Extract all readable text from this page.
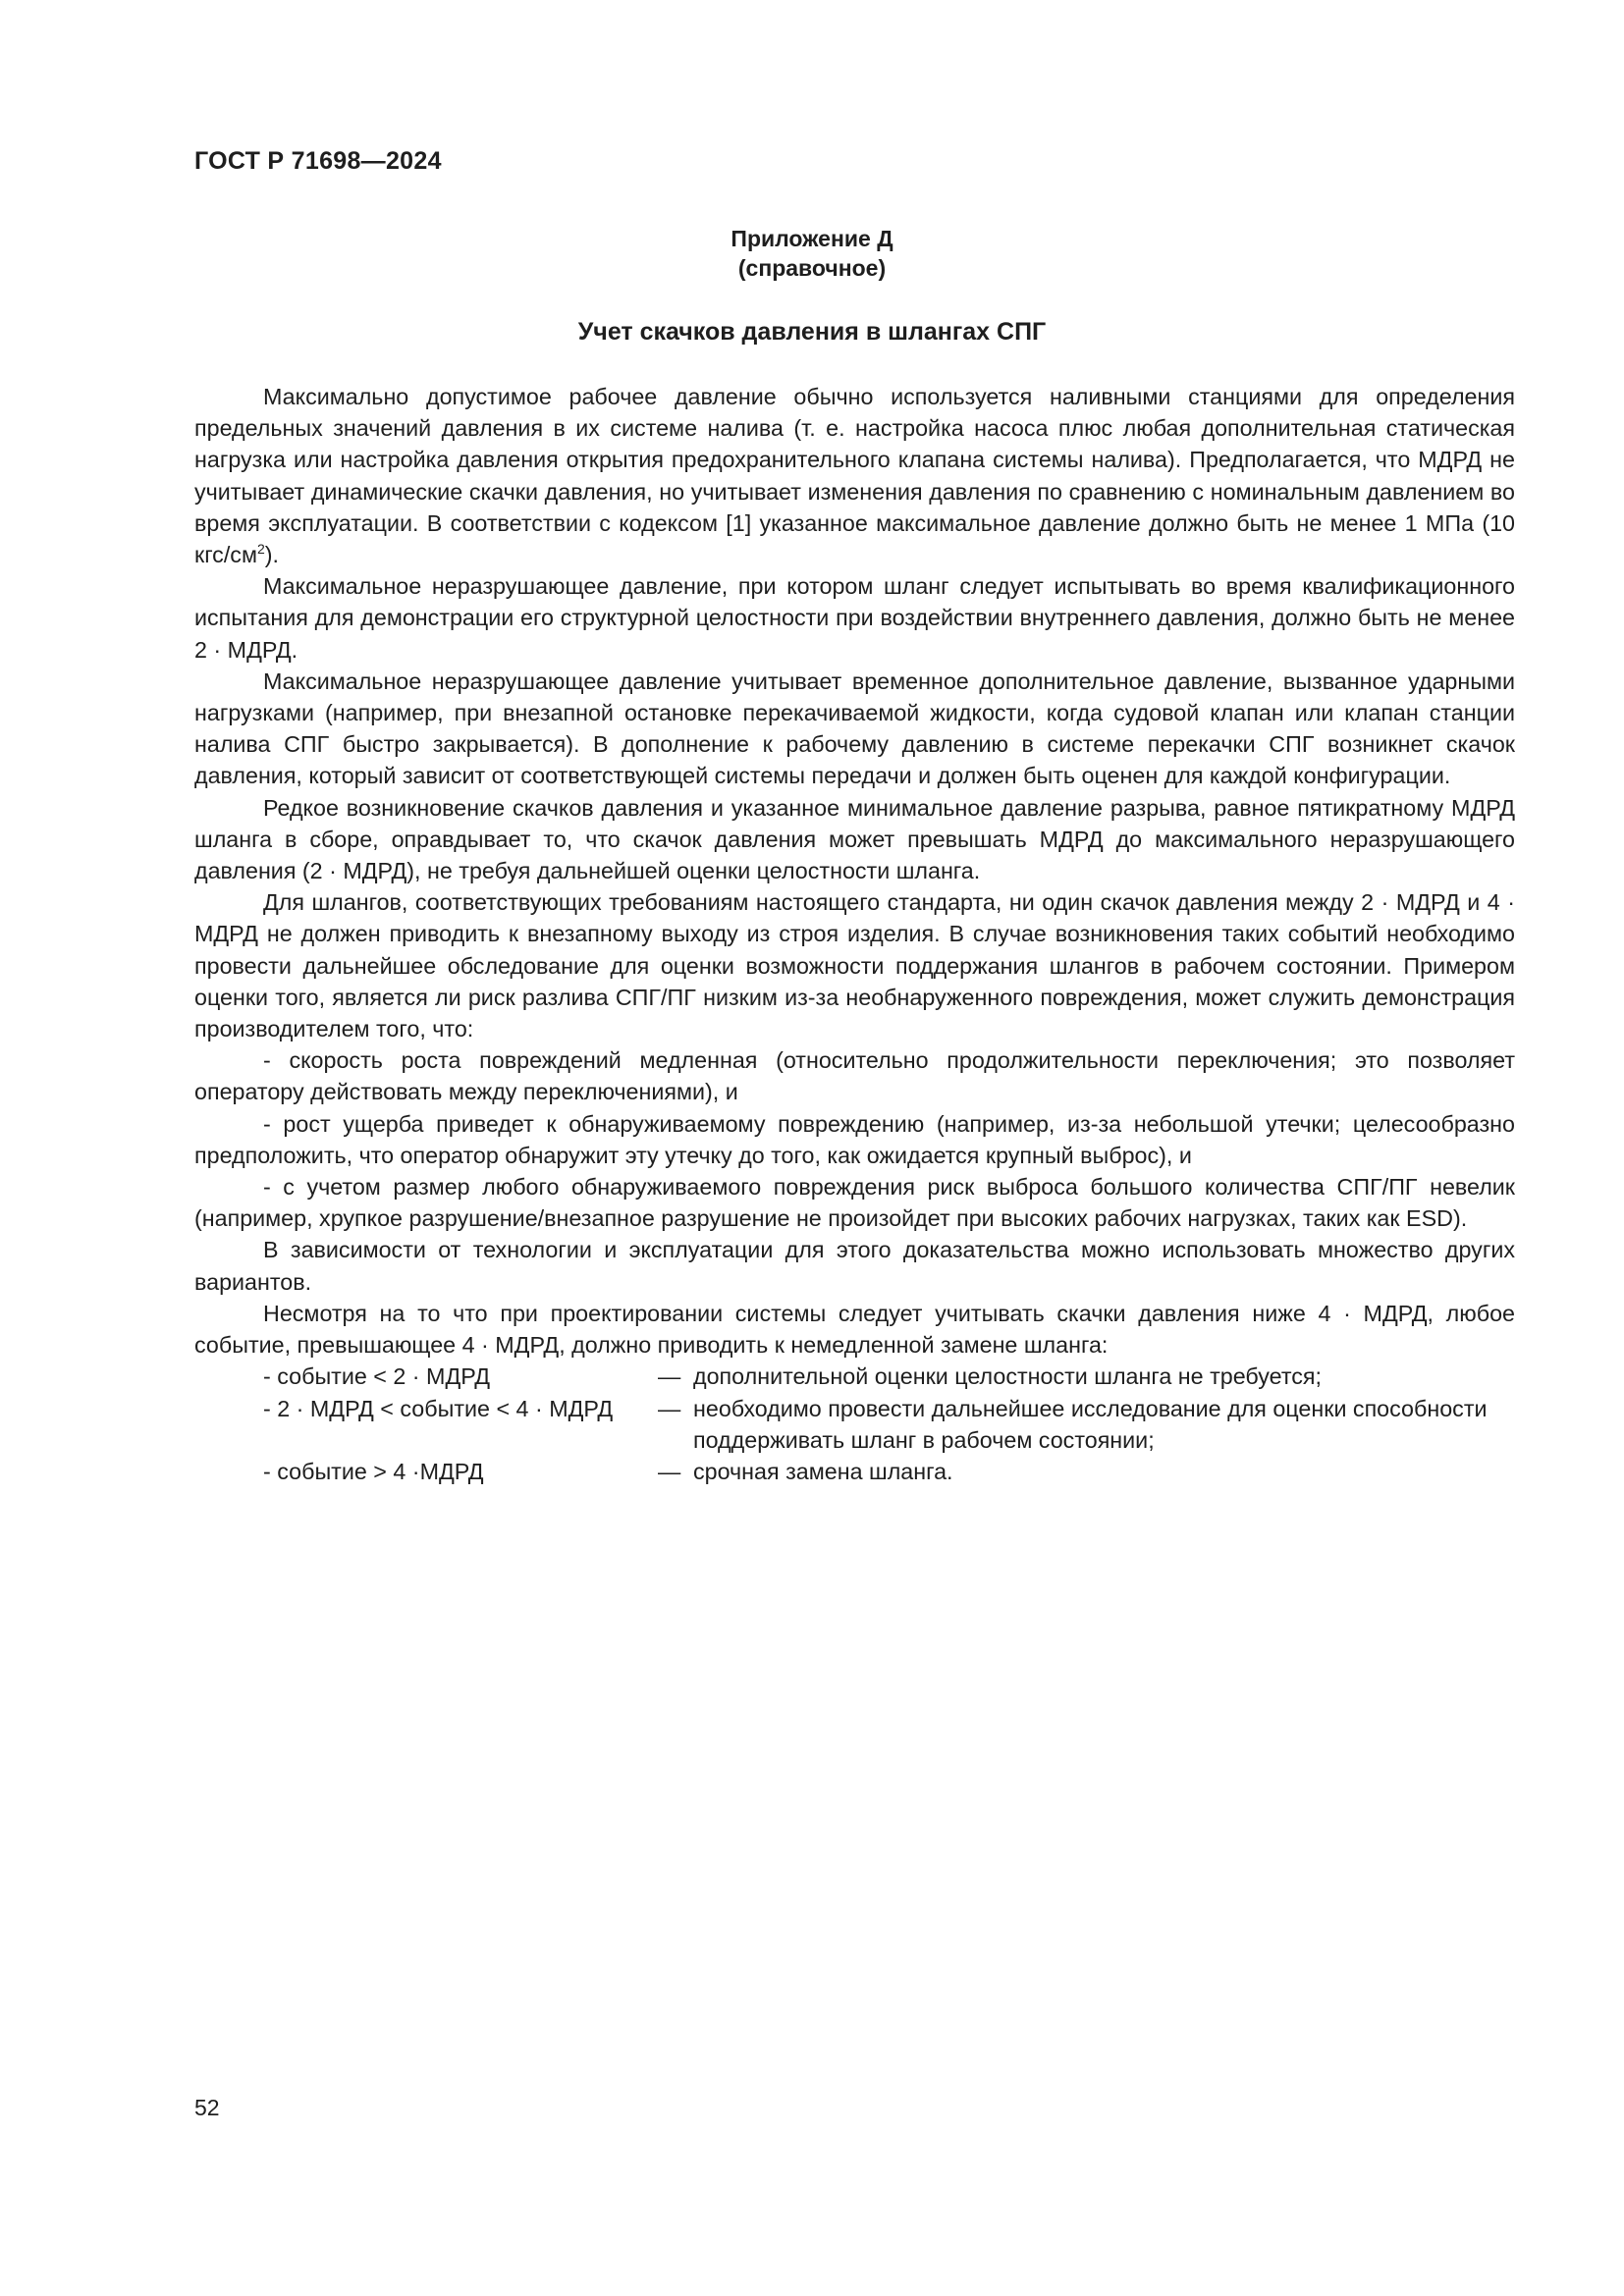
ГОСТ Р 71698—2024
Приложение Д
(справочное)
Учет скачков давления в шлангах СПГ

Максимально допустимое рабочее давление обычно используется наливными станциями для определения предельных значений давления в их системе налива (т. е. настройка насоса плюс любая дополнительная статическая нагрузка или настройка давления открытия предохранительного клапана системы налива). Предполагается, что МДРД не учитывает динамические скачки давления, но учитывает изменения давления по сравнению с номинальным давлением во время эксплуатации. В соответствии с кодексом [1] указанное максимальное давление должно быть не менее 1 МПа (10 кгс/$см^2$).

Максимальное неразрушающее давление, при котором шланг следует испытывать во время квалификационного испытания для демонстрации его структурной целостности при воздействии внутреннего давления, должно быть не менее 2 · МДРД.

Максимальное неразрушающее давление учитывает временное дополнительное давление, вызванное ударными нагрузками (например, при внезапной остановке перекачиваемой жидкости, когда судовой клапан или клапан станции налива СПГ быстро закрывается). В дополнение к рабочему давлению в системе перекачки СПГ возникнет скачок давления, который зависит от соответствующей системы передачи и должен быть оценен для каждой конфигурации.

Редкое возникновение скачков давления и указанное минимальное давление разрыва, равное пятикратному МДРД шланга в сборе, оправдывает то, что скачок давления может превышать МДРД до максимального неразрушающего давления (2 · МДРД), не требуя дальнейшей оценки целостности шланга.

Для шлангов, соответствующих требованиям настоящего стандарта, ни один скачок давления между 2 · МДРД и 4 · МДРД не должен приводить к внезапному выходу из строя изделия. В случае возникновения таких событий необходимо провести дальнейшее обследование для оценки возможности поддержания шлангов в рабочем состоянии. Примером оценки того, является ли риск разлива СПГ/ПГ низким из-за необнаруженного повреждения, может служить демонстрация производителем того, что:

- скорость роста повреждений медленная (относительно продолжительности переключения; это позволяет оператору действовать между переключениями), и

- рост ущерба приведет к обнаруживаемому повреждению (например, из-за небольшой утечки; целесообразно предположить, что оператор обнаружит эту утечку до того, как ожидается крупный выброс), и

- с учетом размер любого обнаруживаемого повреждения риск выброса большого количества СПГ/ПГ невелик (например, хрупкое разрушение/внезапное разрушение не произойдет при высоких рабочих нагрузках, таких как ESD).

В зависимости от технологии и эксплуатации для этого доказательства можно использовать множество других вариантов.

Несмотря на то что при проектировании системы следует учитывать скачки давления ниже 4 · МДРД, любое событие, превышающее 4 · МДРД, должно приводить к немедленной замене шланга:

- событие < 2 · МДРД	— дополнительной оценки целостности шланга не требуется;
- 2 · МДРД < событие < 4 · МДРД	— необходимо провести дальнейшее исследование для оценки способности поддерживать шланг в рабочем состоянии;
- событие > 4 ·МДРД	— срочная замена шланга.
52
